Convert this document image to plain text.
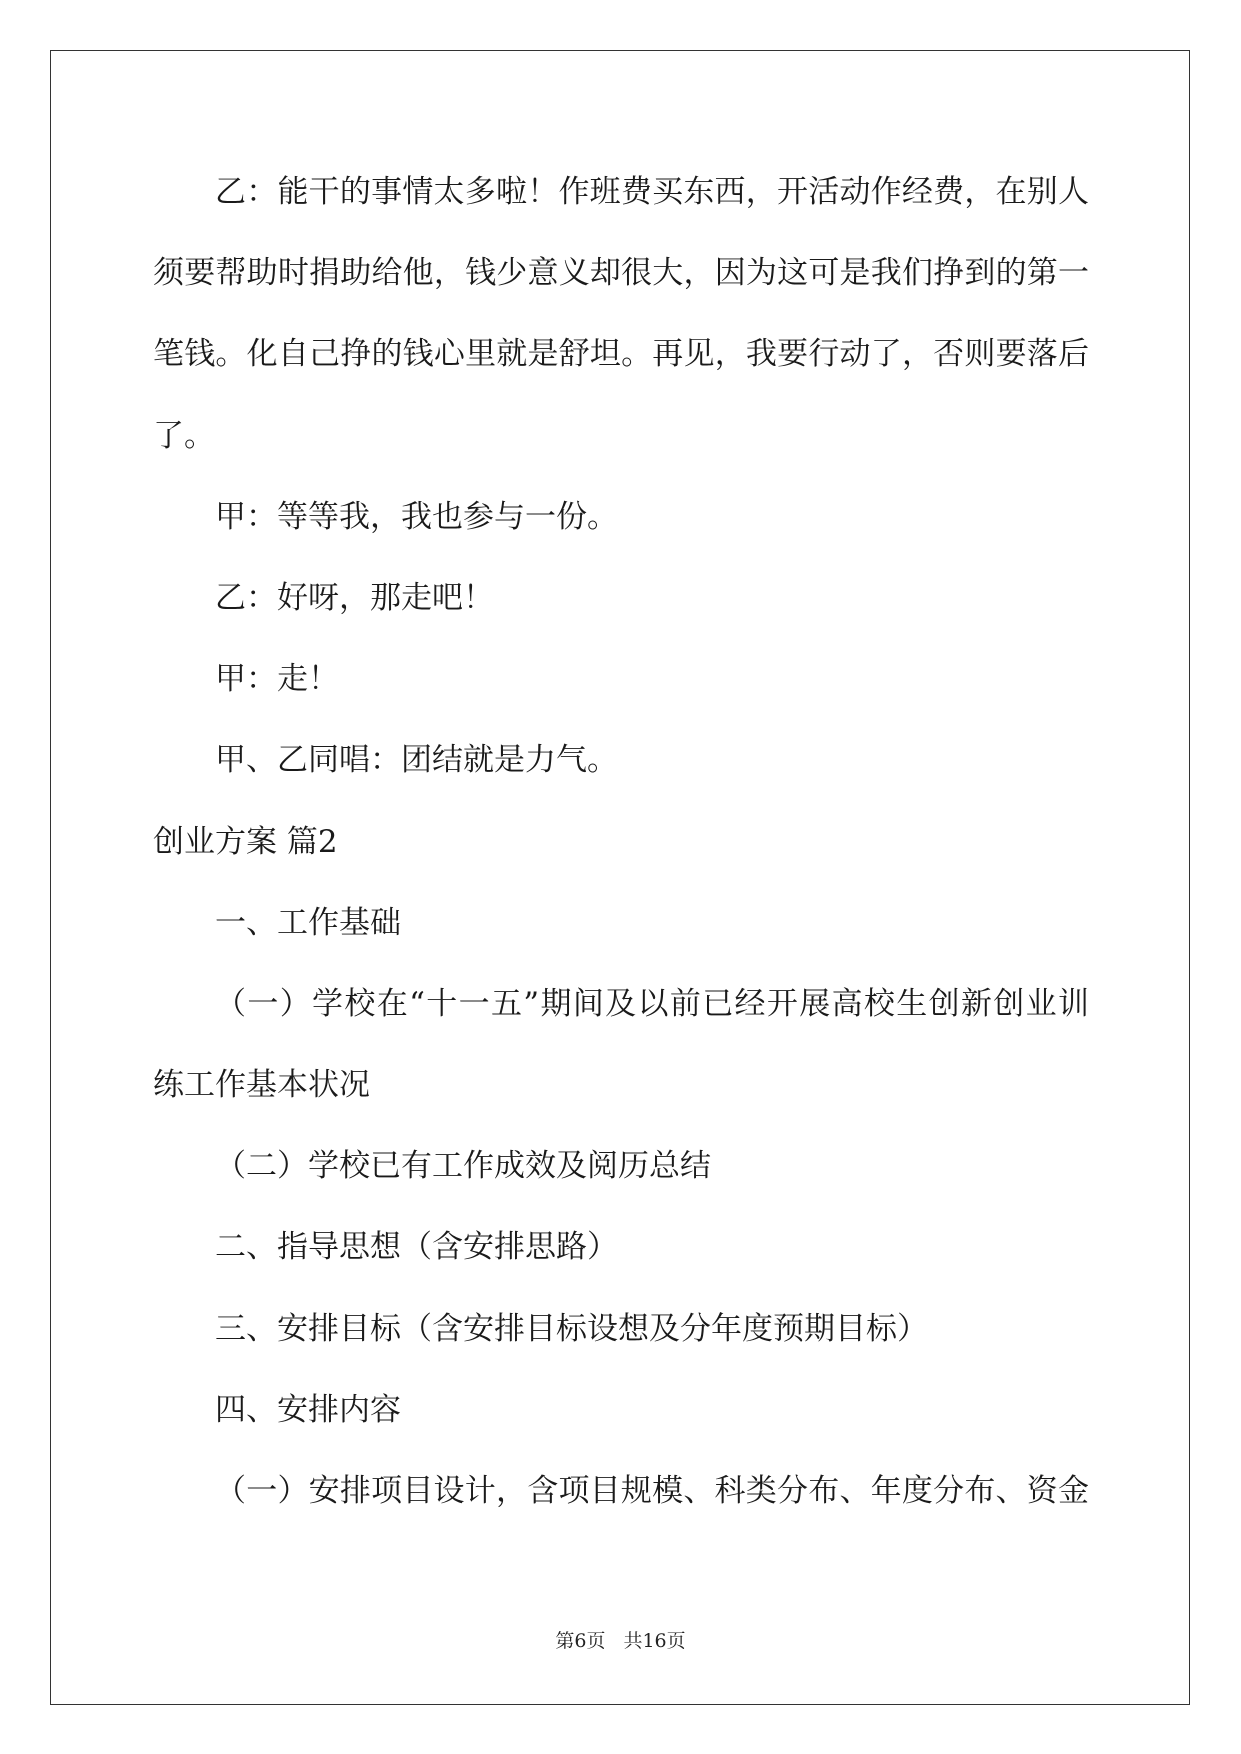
乙：能干的事情太多啦！作班费买东西，开活动作经费，在别人
须要帮助时捐助给他，钱少意义却很大，因为这可是我们挣到的第一
笔钱。化自己挣的钱心里就是舒坦。再见，我要行动了，否则要落后
了。
甲：等等我，我也参与一份。
乙：好呀，那走吧！
甲：走！
甲、乙同唱：团结就是力气。
创业方案 篇2
一、工作基础
（一）学校在“十一五”期间及以前已经开展高校生创新创业训
练工作基本状况
（二）学校已有工作成效及阅历总结
二、指导思想（含安排思路）
三、安排目标（含安排目标设想及分年度预期目标）
四、安排内容
（一）安排项目设计，含项目规模、科类分布、年度分布、资金
第6页 共16页
